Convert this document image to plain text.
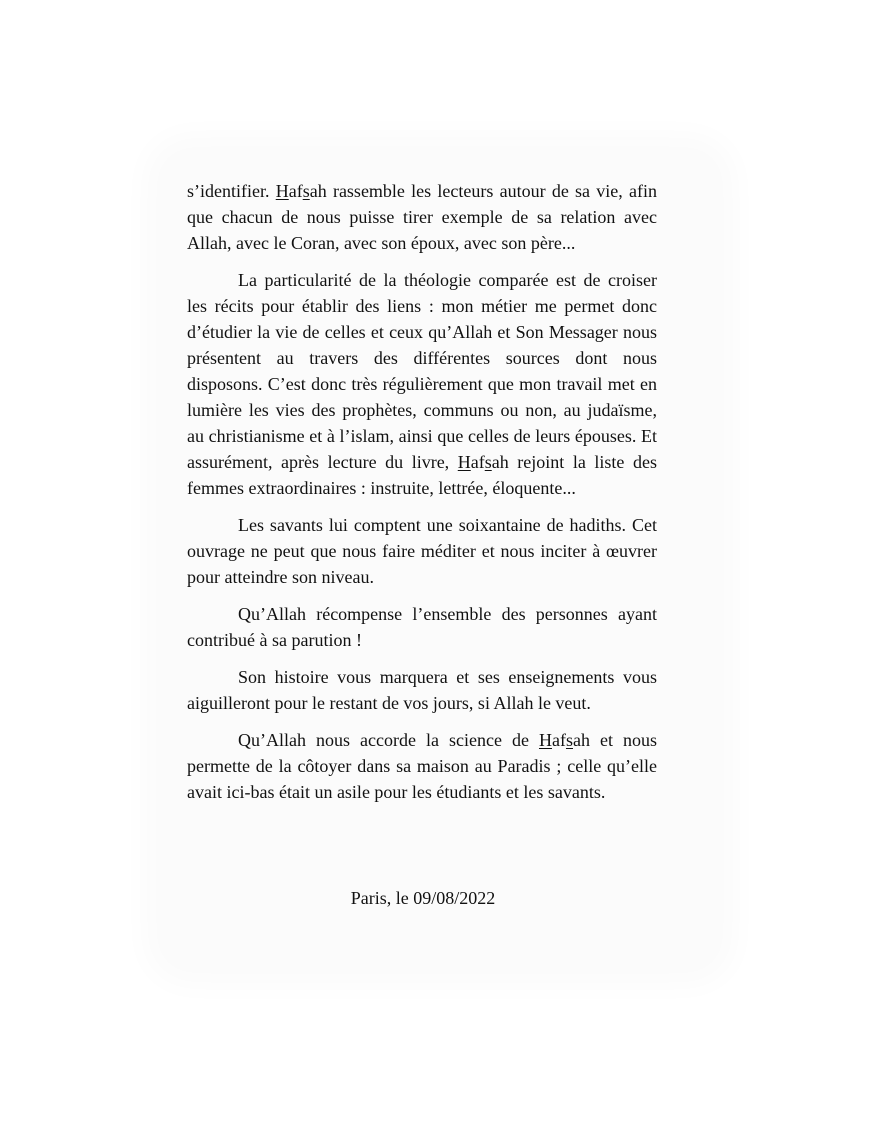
s’identifier. Hafsah rassemble les lecteurs autour de sa vie, afin que chacun de nous puisse tirer exemple de sa relation avec Allah, avec le Coran, avec son époux, avec son père...

La particularité de la théologie comparée est de croiser les récits pour établir des liens : mon métier me permet donc d’étudier la vie de celles et ceux qu’Allah et Son Messager nous présentent au travers des différentes sources dont nous disposons. C’est donc très régulièrement que mon travail met en lumière les vies des prophètes, communs ou non, au judaïsme, au christianisme et à l’islam, ainsi que celles de leurs épouses. Et assurément, après lecture du livre, Hafsah rejoint la liste des femmes extraordinaires : instruite, lettrée, éloquente...

Les savants lui comptent une soixantaine de hadiths. Cet ouvrage ne peut que nous faire méditer et nous inciter à œuvrer pour atteindre son niveau.

Qu’Allah récompense l’ensemble des personnes ayant contribué à sa parution !

Son histoire vous marquera et ses enseignements vous aiguilleront pour le restant de vos jours, si Allah le veut.

Qu’Allah nous accorde la science de Hafsah et nous permette de la côtoyer dans sa maison au Paradis ; celle qu’elle avait ici-bas était un asile pour les étudiants et les savants.

Paris, le 09/08/2022
